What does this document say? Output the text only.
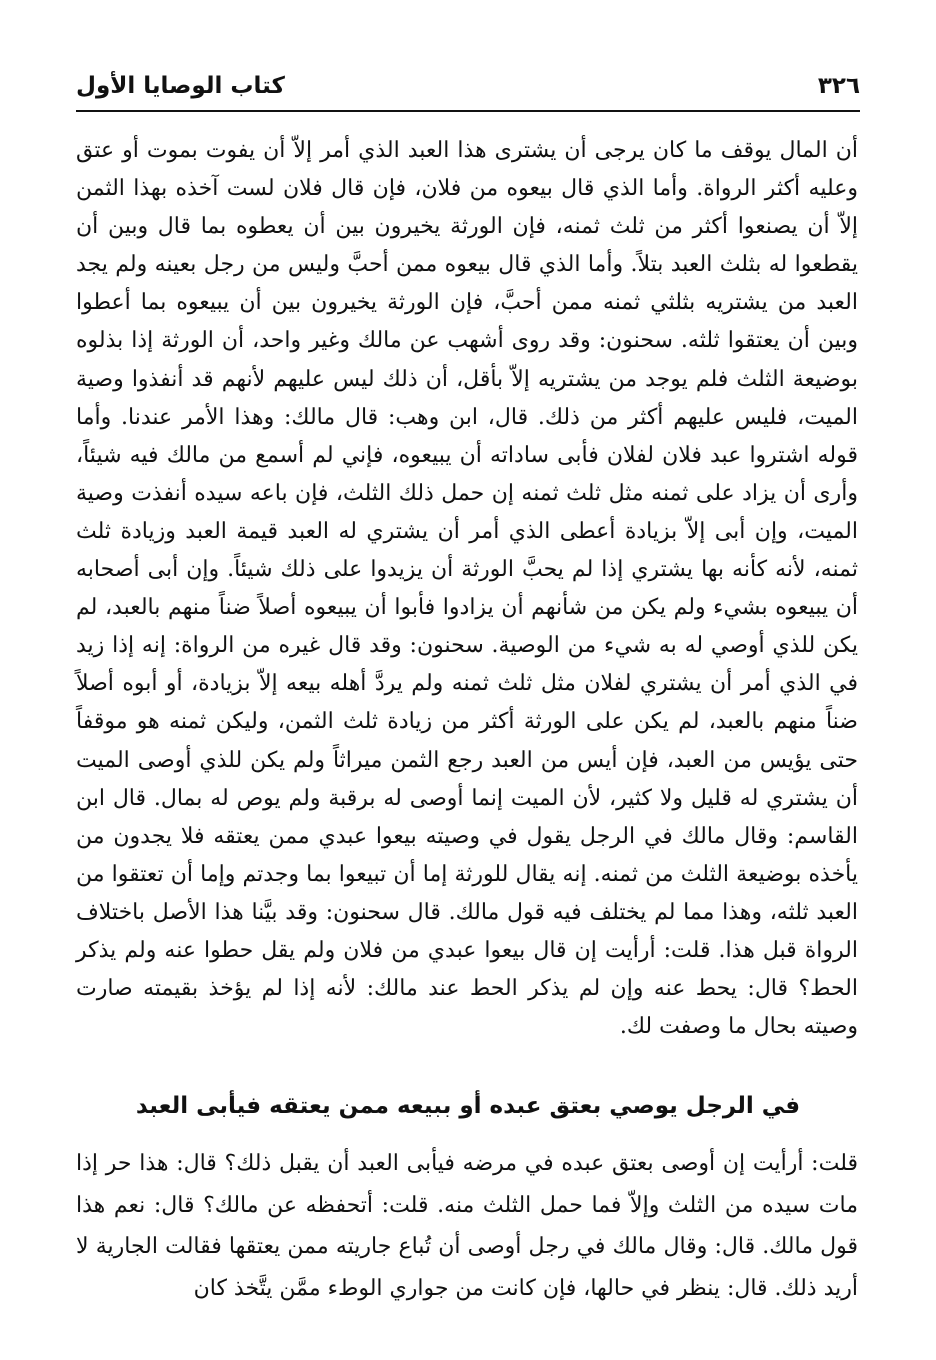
٣٢٦
كتاب الوصايا الأول

أن المال يوقف ما كان يرجى أن يشترى هذا العبد الذي أمر إلاّ أن يفوت بموت أو عتق وعليه أكثر الرواة. وأما الذي قال بيعوه من فلان، فإن قال فلان لست آخذه بهذا الثمن إلاّ أن يصنعوا أكثر من ثلث ثمنه، فإن الورثة يخيرون بين أن يعطوه بما قال وبين أن يقطعوا له بثلث العبد بتلاً. وأما الذي قال بيعوه ممن أحبَّ وليس من رجل بعينه ولم يجد العبد من يشتريه بثلثي ثمنه ممن أحبَّ، فإن الورثة يخيرون بين أن يبيعوه بما أعطوا وبين أن يعتقوا ثلثه. سحنون: وقد روى أشهب عن مالك وغير واحد، أن الورثة إذا بذلوه بوضيعة الثلث فلم يوجد من يشتريه إلاّ بأقل، أن ذلك ليس عليهم لأنهم قد أنفذوا وصية الميت، فليس عليهم أكثر من ذلك. قال، ابن وهب: قال مالك: وهذا الأمر عندنا. وأما قوله اشتروا عبد فلان لفلان فأبى ساداته أن يبيعوه، فإني لم أسمع من مالك فيه شيئاً، وأرى أن يزاد على ثمنه مثل ثلث ثمنه إن حمل ذلك الثلث، فإن باعه سيده أنفذت وصية الميت، وإن أبى إلاّ بزيادة أعطى الذي أمر أن يشتري له العبد قيمة العبد وزيادة ثلث ثمنه، لأنه كأنه بها يشتري إذا لم يحبَّ الورثة أن يزيدوا على ذلك شيئاً. وإن أبى أصحابه أن يبيعوه بشيء ولم يكن من شأنهم أن يزادوا فأبوا أن يبيعوه أصلاً ضناً منهم بالعبد، لم يكن للذي أوصي له به شيء من الوصية. سحنون: وقد قال غيره من الرواة: إنه إذا زيد في الذي أمر أن يشتري لفلان مثل ثلث ثمنه ولم يردَّ أهله بيعه إلاّ بزيادة، أو أبوه أصلاً ضناً منهم بالعبد، لم يكن على الورثة أكثر من زيادة ثلث الثمن، وليكن ثمنه هو موقفاً حتى يؤيس من العبد، فإن أيس من العبد رجع الثمن ميراثاً ولم يكن للذي أوصى الميت أن يشتري له قليل ولا كثير، لأن الميت إنما أوصى له برقبة ولم يوص له بمال. قال ابن القاسم: وقال مالك في الرجل يقول في وصيته بيعوا عبدي ممن يعتقه فلا يجدون من يأخذه بوضيعة الثلث من ثمنه. إنه يقال للورثة إما أن تبيعوا بما وجدتم وإما أن تعتقوا من العبد ثلثه، وهذا مما لم يختلف فيه قول مالك. قال سحنون: وقد بيَّنا هذا الأصل باختلاف الرواة قبل هذا. قلت: أرأيت إن قال بيعوا عبدي من فلان ولم يقل حطوا عنه ولم يذكر الحط؟ قال: يحط عنه وإن لم يذكر الحط عند مالك: لأنه إذا لم يؤخذ بقيمته صارت وصيته بحال ما وصفت لك.

في الرجل يوصي بعتق عبده أو ببيعه ممن يعتقه فيأبى العبد

قلت: أرأيت إن أوصى بعتق عبده في مرضه فيأبى العبد أن يقبل ذلك؟ قال: هذا حر إذا مات سيده من الثلث وإلاّ فما حمل الثلث منه. قلت: أتحفظه عن مالك؟ قال: نعم هذا قول مالك. قال: وقال مالك في رجل أوصى أن تُباع جاريته ممن يعتقها فقالت الجارية لا أريد ذلك. قال: ينظر في حالها، فإن كانت من جواري الوطء ممَّن يتَّخذ كان
